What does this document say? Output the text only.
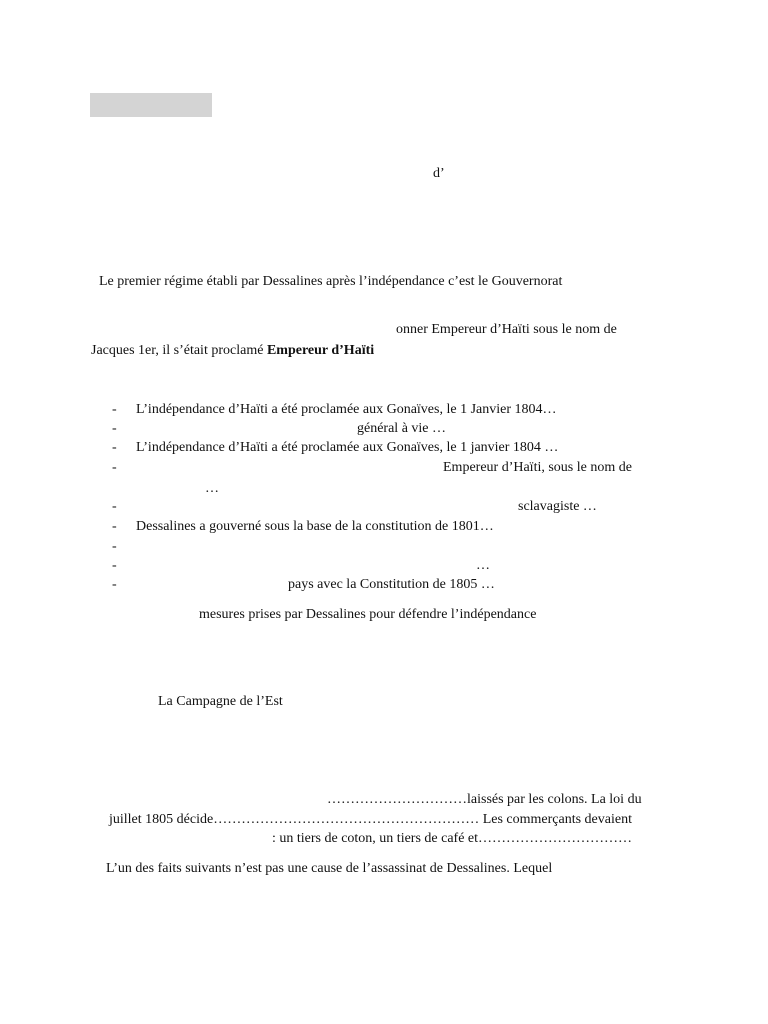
d’
Le premier régime établi par Dessalines après l’indépendance c’est le Gouvernorat
onner Empereur d’Haïti sous le nom de
Jacques 1er, il s’était proclamé Empereur d’Haïti
- L’indépendance d’Haïti a été proclamée aux Gonaïves, le 1 Janvier 1804…
-	général à vie …
- L’indépendance d’Haïti a été proclamée aux Gonaïves, le 1 janvier 1804 …
-	Empereur d’Haïti, sous le nom de
…
-	sclavagiste …
- Dessalines a gouverné sous la base de la constitution de 1801…
-
-	…
-	pays avec la Constitution de 1805 …
mesures prises par Dessalines pour défendre l’indépendance
La Campagne de l’Est
…………………………laissés par les colons. La loi du
juillet 1805 décide………………………………………………… Les commerçants devaient
: un tiers de coton, un tiers de café et……………………………
L’un des faits suivants n’est pas une cause de l’assassinat de Dessalines. Lequel
